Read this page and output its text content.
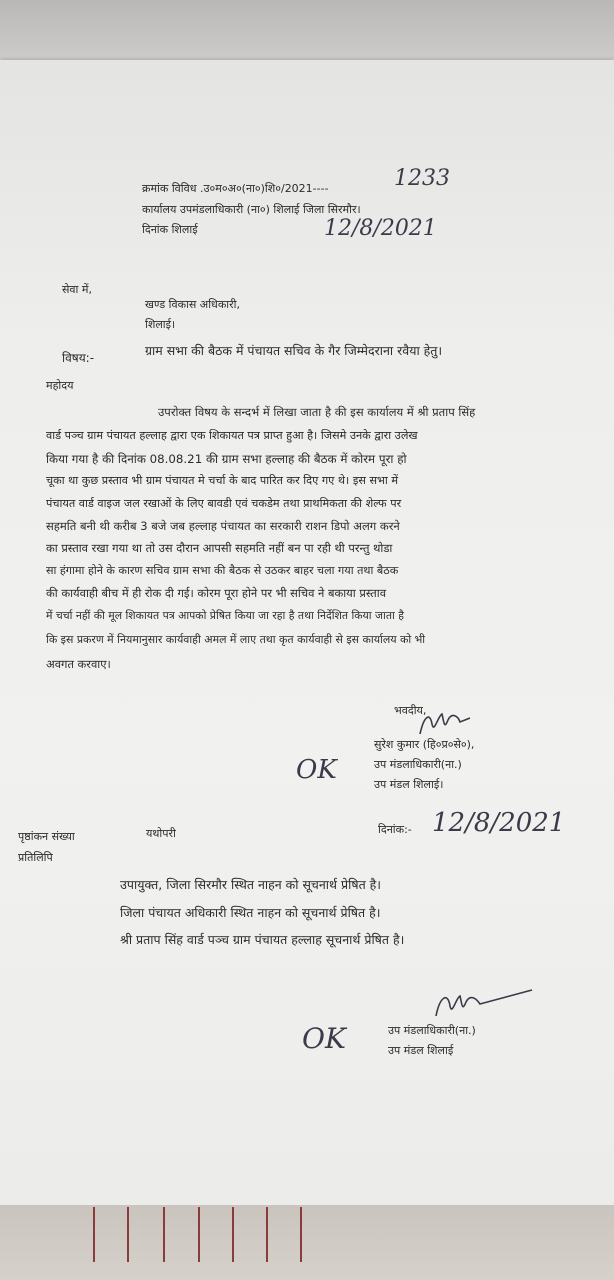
क्रमांक विविध .उ०म०अ०(ना०)शि०/2021----	1233
कार्यालय उपमंडलाधिकारी (ना०) शिलाई जिला सिरमौर।
दिनांक शिलाई	12/8/2021
सेवा में,
खण्ड विकास अधिकारी,
शिलाई।
विषय:-	ग्राम सभा की बैठक में पंचायत सचिव के गैर जिम्मेदराना रवैया हेतु।
महोदय
उपरोक्त विषय के सन्दर्भ में लिखा जाता है की इस कार्यालय में श्री प्रताप सिंह
वार्ड पञ्च ग्राम पंचायत हल्लाह द्वारा एक शिकायत पत्र प्राप्त हुआ है। जिसमे उनके द्वारा उलेख
किया गया है की दिनांक 08.08.21 की ग्राम सभा हल्लाह की बैठक में कोरम पूरा हो
चूका था कुछ प्रस्ताव भी ग्राम पंचायत मे चर्चा के बाद पारित कर दिए गए थे। इस सभा में
पंचायत वार्ड वाइज जल रखाओं के लिए बावडी एवं चकडेम तथा प्राथमिकता की शेल्फ पर
सहमति बनी थी करीब 3 बजे जब हल्लाह पंचायत का सरकारी राशन डिपो अलग करने
का प्रस्ताव रखा गया था तो उस दौरान आपसी सहमति नहीं बन पा रही थी परन्तु थोडा
सा हंगामा होने के कारण सचिव ग्राम सभा की बैठक से उठकर बाहर चला गया तथा बैठक
की कार्यवाही बीच में ही रोक दी गई। कोरम पूरा होने पर भी सचिव ने बकाया प्रस्ताव
में चर्चा नहीं की मूल शिकायत पत्र आपको प्रेषित किया जा रहा है तथा निर्देशित किया जाता है
कि इस प्रकरण में नियमानुसार कार्यवाही अमल में लाए तथा कृत कार्यवाही से इस कार्यालय को भी
अवगत करवाए।
भवदीय,
सुरेश कुमार (हि०प्र०से०),
उप मंडलाधिकारी(ना.)
उप मंडल शिलाई।
OK
पृष्ठांकन संख्या	यथोपरी	दिनांक:- 12/8/2021
प्रतिलिपि
उपायुक्त, जिला सिरमौर स्थित नाहन को सूचनार्थ प्रेषित है।
जिला पंचायत अधिकारी स्थित नाहन को सूचनार्थ प्रेषित है।
श्री प्रताप सिंह वार्ड पञ्च ग्राम पंचायत हल्लाह सूचनार्थ प्रेषित है।
उप मंडलाधिकारी(ना.)
उप मंडल शिलाई
OK
